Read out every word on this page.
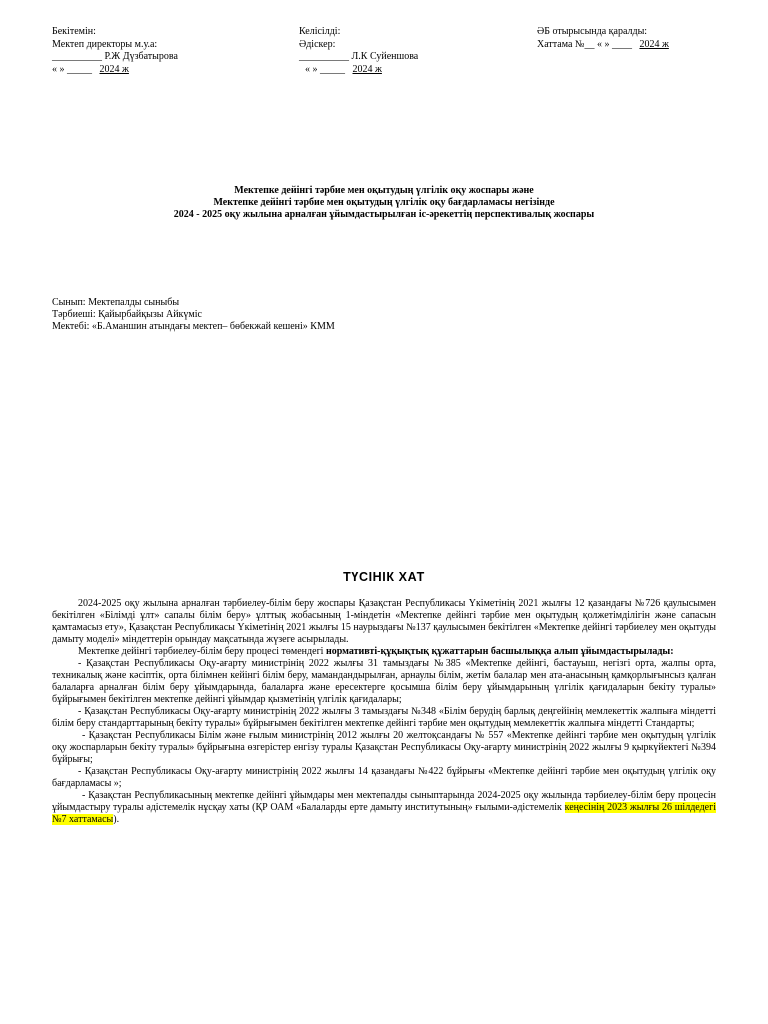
Бекітемін:
Мектеп директоры м.у.а:
__________ Р.Ж Дүзбатырова
« » _____ 2024 ж
Келісілді:
Әдіскер:
__________ Л.К Суйеншова
« » _____ 2024 ж
ӘБ отырысында қаралды:
Хаттама №__ « » ____ 2024 ж
Мектепке дейінгі тәрбие мен оқытудың үлгілік оқу жоспары және
Мектепке дейінгі тәрбие мен оқытудың үлгілік оқу бағдарламасы негізінде
2024 - 2025 оқу жылына арналған ұйымдастырылған іс-әрекеттің перспективалық жоспары
Сынып: Мектепалды сыныбы
Тәрбиеші: Қайырбайқызы Айкүміс
Мектебі: «Б.Аманшин атындағы мектеп– бөбекжай кешені» КММ
ТҮСІНІК ХАТ

2024-2025 оқу жылына арналған тәрбиелеу-білім беру жоспары Қазақстан Республикасы Үкіметінің 2021 жылғы 12 қазандағы №726 қаулысымен бекітілген «Білімді ұлт» сапалы білім беру» ұлттық жобасының 1-міндетін «Мектепке дейінгі тәрбие мен оқытудың қолжетімділігін және сапасын қамтамасыз ету», Қазақстан Республикасы Үкіметінің 2021 жылғы 15 наурыздағы №137 қаулысымен бекітілген «Мектепке дейінгі тәрбиелеу мен оқытуды дамыту моделі» міндеттерін орындау мақсатында жүзеге асырылады.

Мектепке дейінгі тәрбиелеу-білім беру процесі төмендегі нормативті-құқықтық құжаттарын басшылыққа алып ұйымдастырылады:

- Қазақстан Республикасы Оқу-ағарту министрінің 2022 жылғы 31 тамыздағы №385 «Мектепке дейінгі, бастауыш, негізгі орта, жалпы орта, техникалық және кәсіптік, орта білімнен кейінгі білім беру, мамандандырылған, арнаулы білім, жетім балалар мен ата-анасының қамқорлығынсыз қалған балаларға арналған білім беру ұйымдарында, балаларға және ересектерге қосымша білім беру ұйымдарының үлгілік қағидаларын бекіту туралы» бұйрығымен бекітілген мектепке дейінгі ұйымдар қызметінің үлгілік қағидалары;

- Қазақстан Республикасы Оқу-ағарту министрінің 2022 жылғы 3 тамыздағы №348 «Білім берудің барлық деңгейінің мемлекеттік жалпыға міндетті білім беру стандарттарының бекіту туралы» бұйрығымен бекітілген мектепке дейінгі тәрбие мен оқытудың мемлекеттік жалпыға міндетті Стандарты;

- Қазақстан Республикасы Білім және ғылым министрінің 2012 жылғы 20 желтоқсандағы № 557 «Мектепке дейінгі тәрбие мен оқытудың үлгілік оқу жоспарларын бекіту туралы» бұйрығына өзгерістер енгізу туралы Қазақстан Республикасы Оқу-ағарту министрінің 2022 жылғы 9 қыркүйектегі №394 бұйрығы;

- Қазақстан Республикасы Оқу-ағарту министрінің 2022 жылғы 14 қазандағы №422 бұйрығы «Мектепке дейінгі тәрбие мен оқытудың үлгілік оқу бағдарламасы »;

- Қазақстан Республикасының мектепке дейінгі ұйымдары мен мектепалды сыныптарында 2024-2025 оқу жылында тәрбиелеу-білім беру процесін ұйымдастыру туралы әдістемелік нұсқау хаты (ҚР ОАМ «Балаларды ерте дамыту институтының» ғылыми-әдістемелік кеңесінің 2023 жылғы 26 шілдедегі №7 хаттамасы).
